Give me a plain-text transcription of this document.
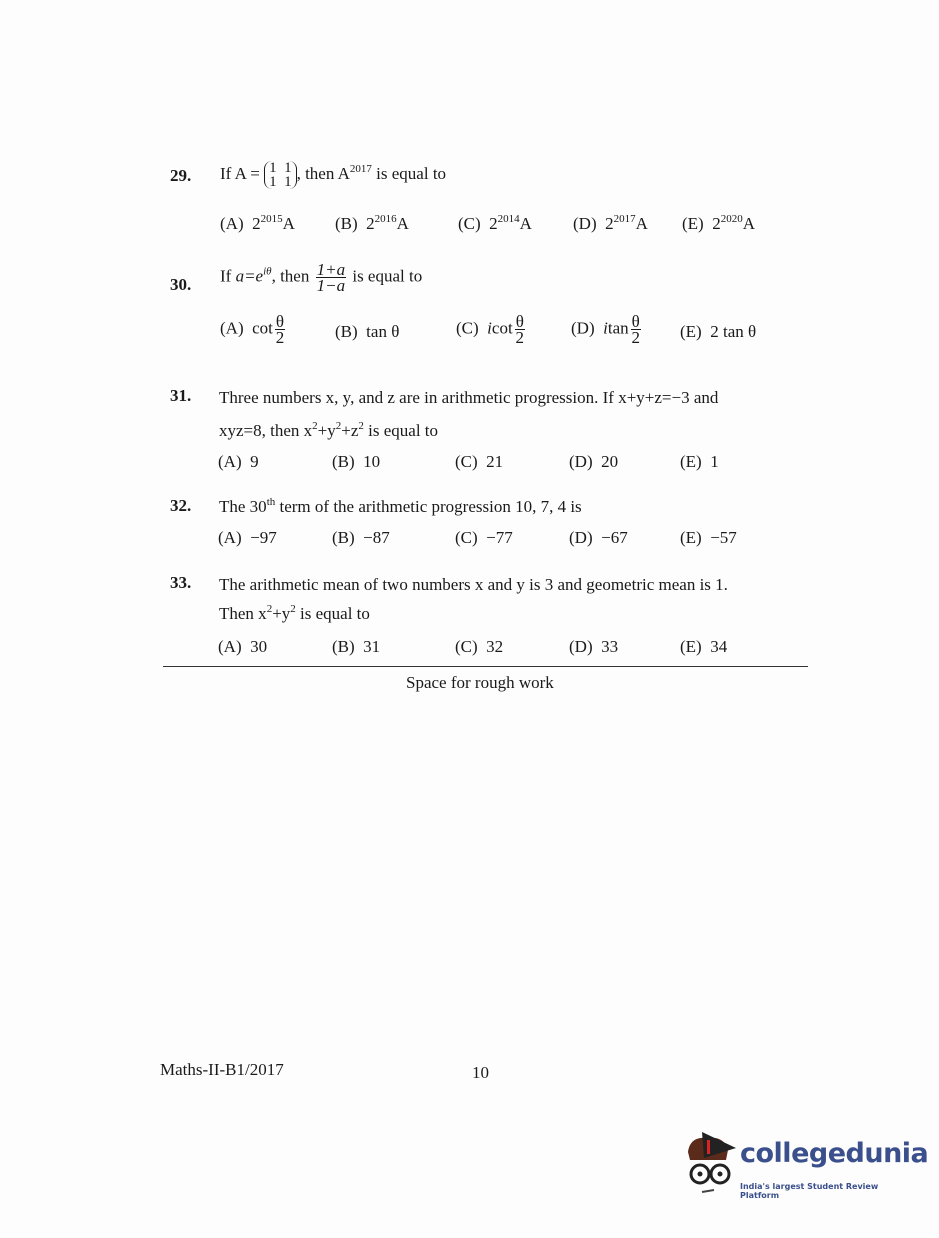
29. If A = 1 1
1 1 , then $A^{2017}$ is equal to
(A) $2^{2015}A$ (B) $2^{2016}A$	(C) $2^{2014}A$ (D) $2^{2017}A$ (E) $2^{2020}A$
30. If $a=e^{i\theta}$, then $\frac{1+a}{1-a}$ is equal to
(A) $\cot \frac{\theta}{2}$	(B) tan θ	(C) icot $\frac{\theta}{2}$	(D) itan $\frac{\theta}{2} (E)$ 2 tan θ
31. Three numbers x, y, and z are in arithmetic progression. If x+y+z=−3 and
xyz=8, then $x^2+y^2+z^2$ is equal to
(A) 9	(B) 10	(C) 21	(D) 20	(E) 1
32. The 30th term of the arithmetic progression 10, 7, 4 is
(A) −97	(B) −87	(C) −77	(D) −67	(E) −57
33. The arithmetic mean of two numbers x and y is 3 and geometric mean is 1.
Then $x^2+y^2$ is equal to
(A) 30	(B) 31	(C) 32	(D) 33	(E) 34
Space for rough work
Maths-II-B1/2017	10
collegedunia
India's largest Student Review Platform
